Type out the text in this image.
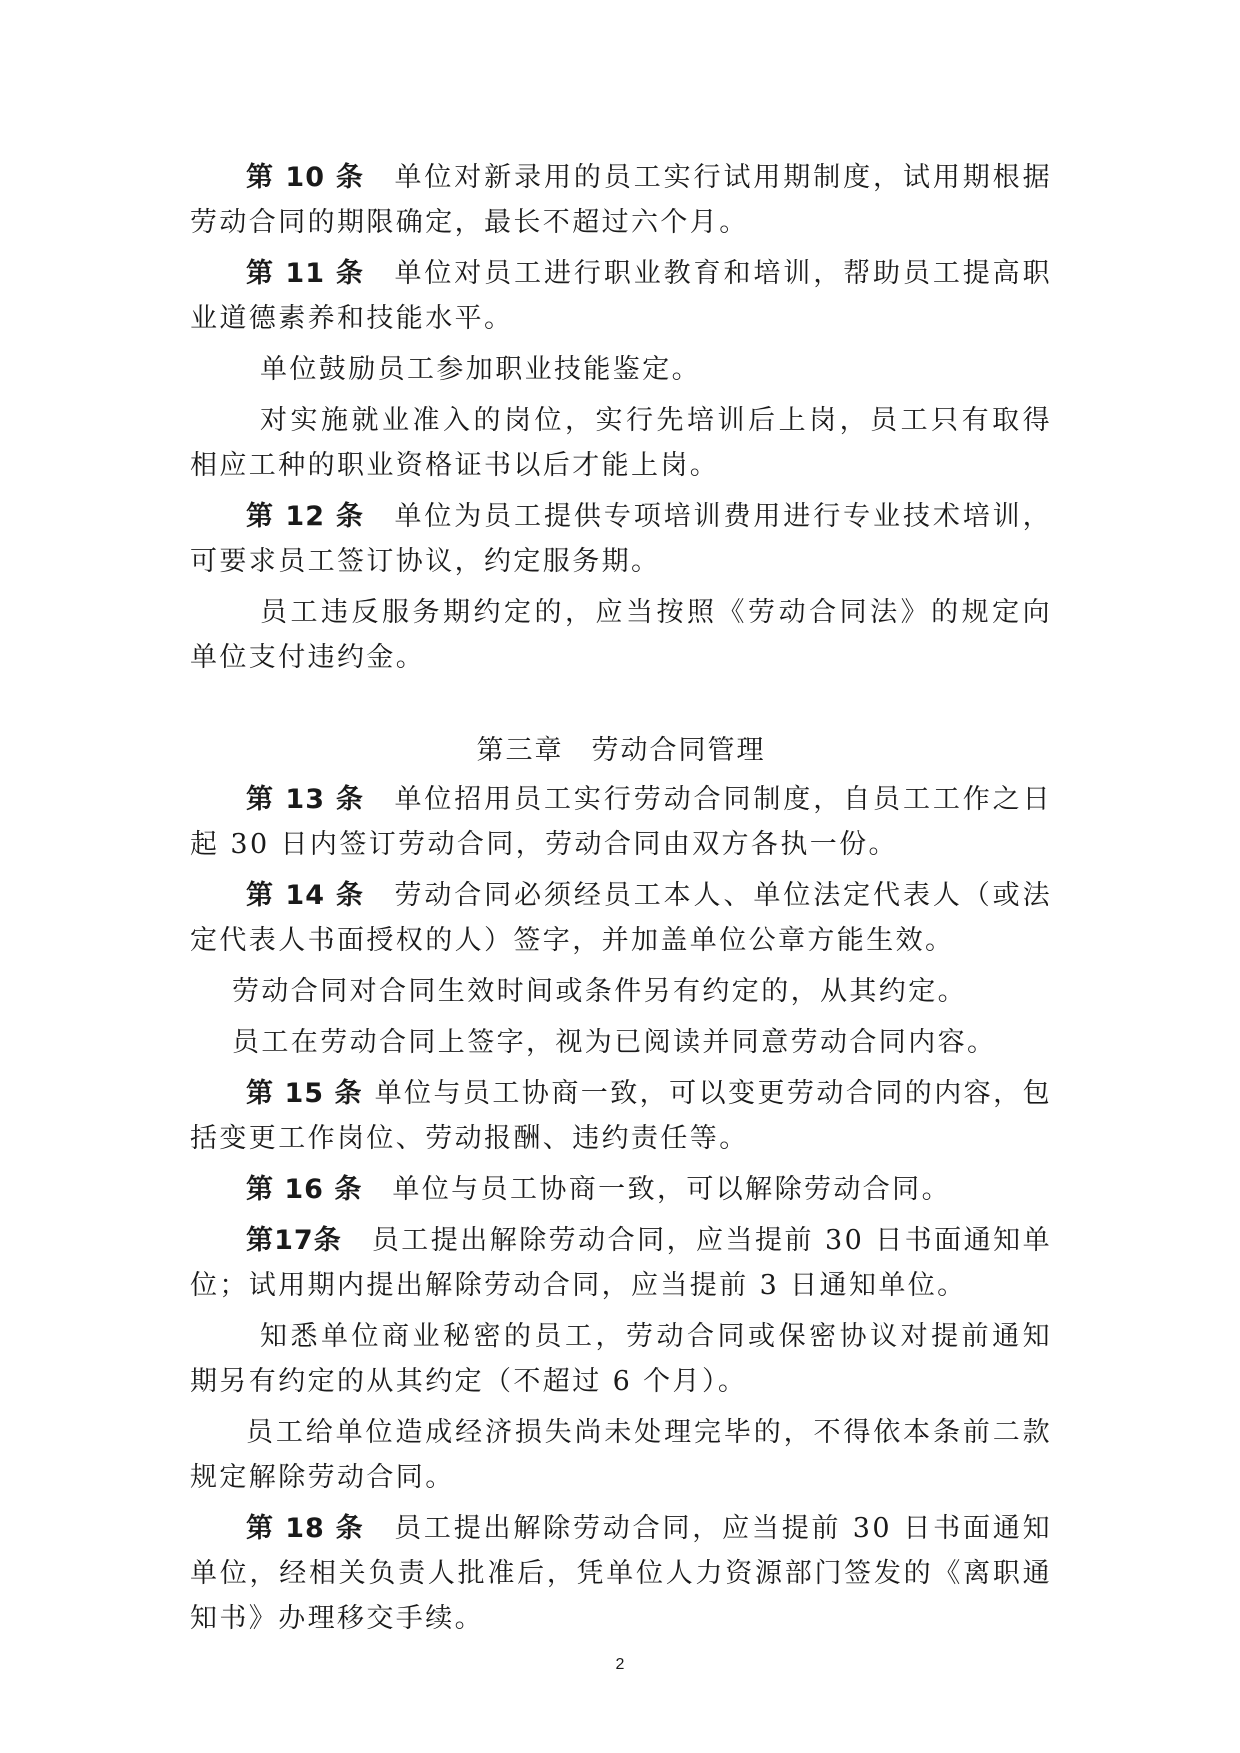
第 10 条 单位对新录用的员工实行试用期制度，试用期根据劳动合同的期限确定，最长不超过六个月。

第 11 条 单位对员工进行职业教育和培训，帮助员工提高职业道德素养和技能水平。

单位鼓励员工参加职业技能鉴定。

对实施就业准入的岗位，实行先培训后上岗，员工只有取得相应工种的职业资格证书以后才能上岗。

第 12 条 单位为员工提供专项培训费用进行专业技术培训，可要求员工签订协议，约定服务期。

员工违反服务期约定的，应当按照《劳动合同法》的规定向单位支付违约金。

第三章 劳动合同管理

第 13 条 单位招用员工实行劳动合同制度，自员工工作之日起 30 日内签订劳动合同，劳动合同由双方各执一份。

第 14 条 劳动合同必须经员工本人、单位法定代表人（或法定代表人书面授权的人）签字，并加盖单位公章方能生效。

劳动合同对合同生效时间或条件另有约定的，从其约定。

员工在劳动合同上签字，视为已阅读并同意劳动合同内容。

第 15 条 单位与员工协商一致，可以变更劳动合同的内容，包括变更工作岗位、劳动报酬、违约责任等。

第 16 条 单位与员工协商一致，可以解除劳动合同。

第17条 员工提出解除劳动合同，应当提前 30 日书面通知单位；试用期内提出解除劳动合同，应当提前 3 日通知单位。

知悉单位商业秘密的员工，劳动合同或保密协议对提前通知期另有约定的从其约定（不超过 6 个月）。

员工给单位造成经济损失尚未处理完毕的，不得依本条前二款规定解除劳动合同。

第 18 条 员工提出解除劳动合同，应当提前 30 日书面通知单位，经相关负责人批准后，凭单位人力资源部门签发的《离职通知书》办理移交手续。

2
